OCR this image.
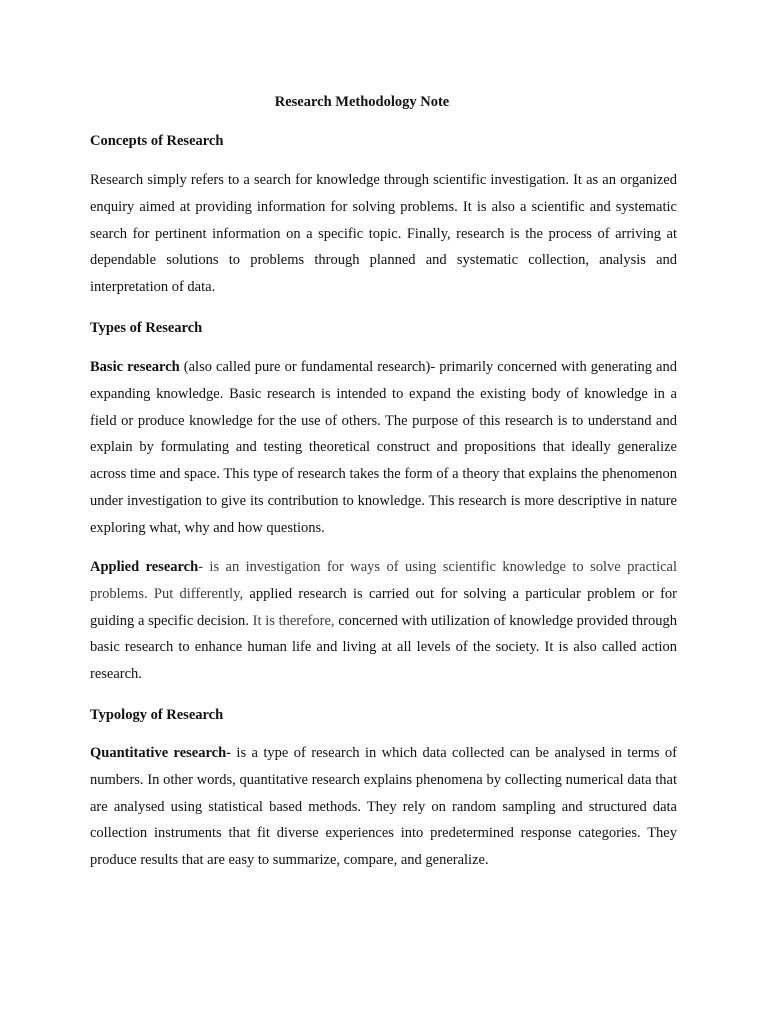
Research Methodology Note
Concepts of Research

Research simply refers to a search for knowledge through scientific investigation. It as an organized enquiry aimed at providing information for solving problems. It is also a scientific and systematic search for pertinent information on a specific topic. Finally, research is the process of arriving at dependable solutions to problems through planned and systematic collection, analysis and interpretation of data.

Types of Research

Basic research (also called pure or fundamental research)- primarily concerned with generating and expanding knowledge. Basic research is intended to expand the existing body of knowledge in a field or produce knowledge for the use of others. The purpose of this research is to understand and explain by formulating and testing theoretical construct and propositions that ideally generalize across time and space. This type of research takes the form of a theory that explains the phenomenon under investigation to give its contribution to knowledge. This research is more descriptive in nature exploring what, why and how questions.

Applied research- is an investigation for ways of using scientific knowledge to solve practical problems. Put differently, applied research is carried out for solving a particular problem or for guiding a specific decision. It is therefore, concerned with utilization of knowledge provided through basic research to enhance human life and living at all levels of the society. It is also called action research.

Typology of Research

Quantitative research- is a type of research in which data collected can be analysed in terms of numbers. In other words, quantitative research explains phenomena by collecting numerical data that are analysed using statistical based methods. They rely on random sampling and structured data collection instruments that fit diverse experiences into predetermined response categories. They produce results that are easy to summarize, compare, and generalize.
